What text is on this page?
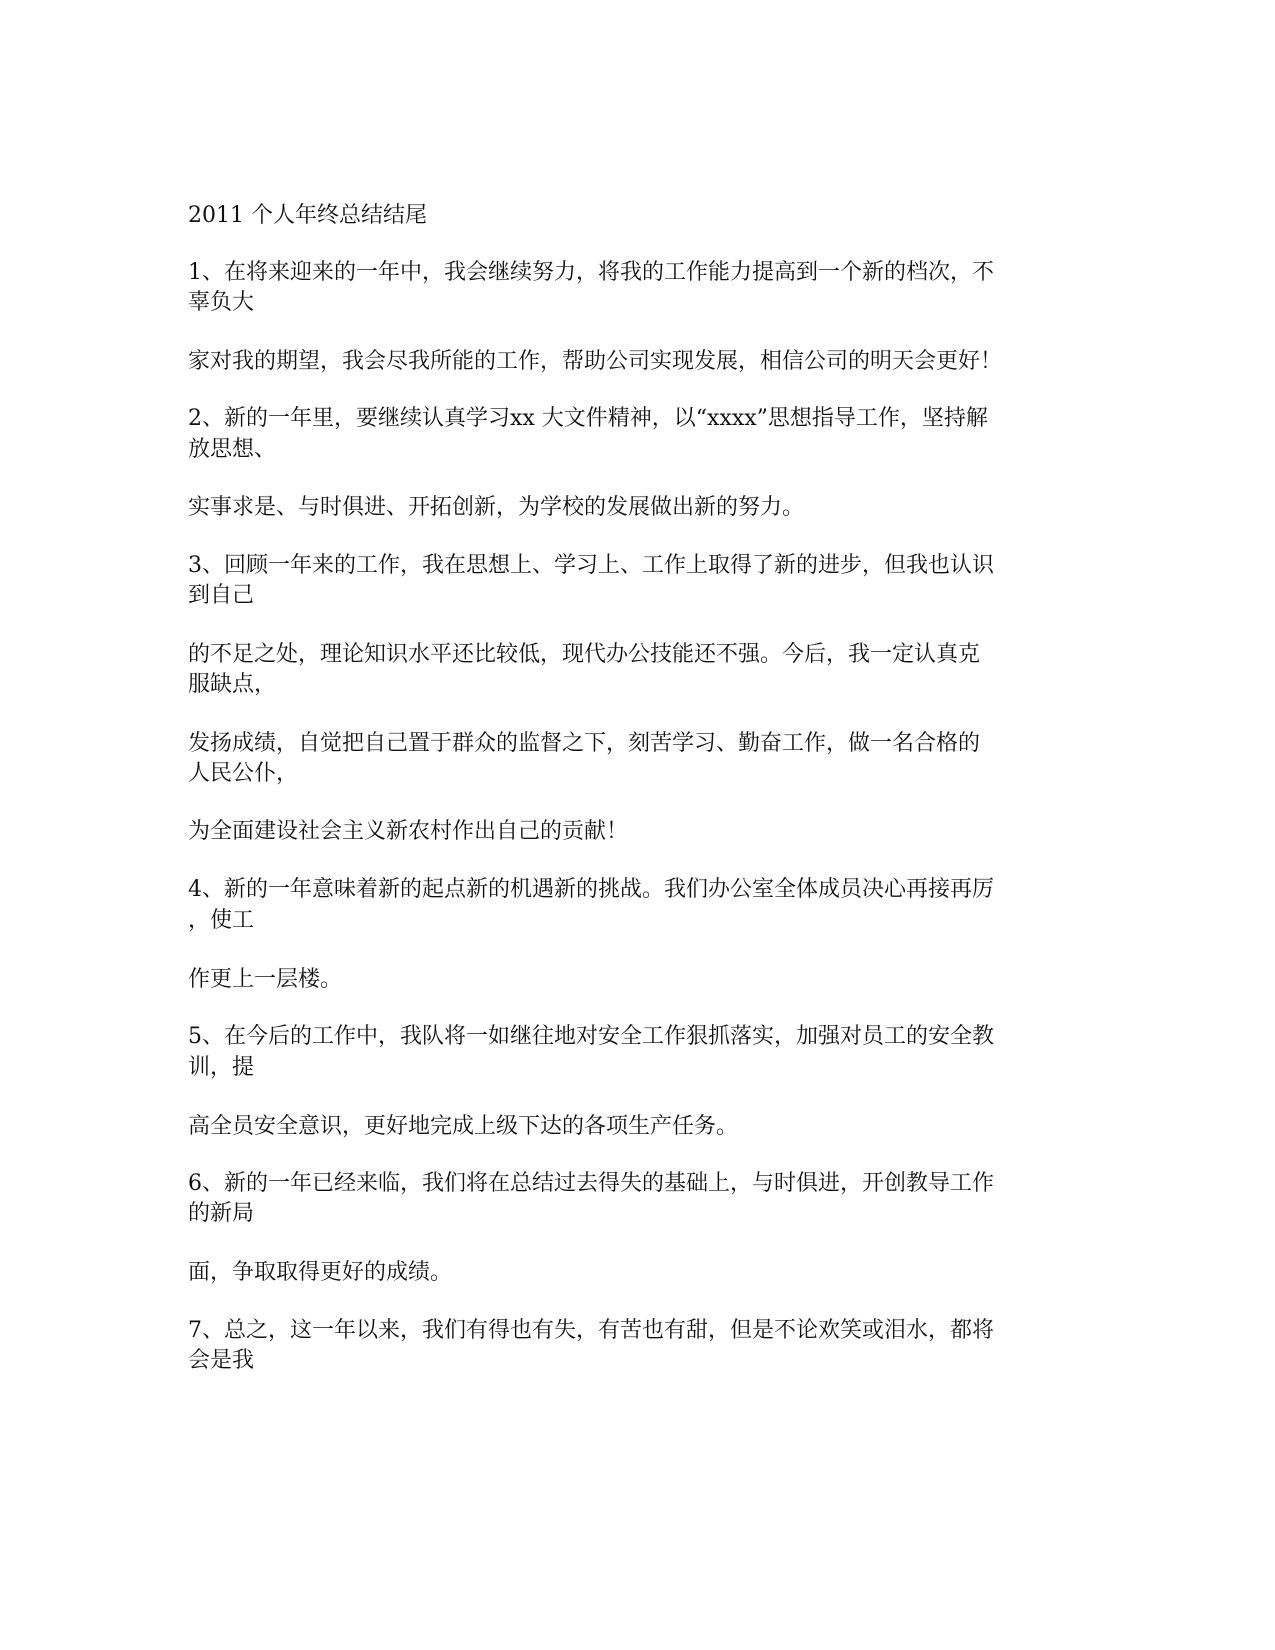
2011 个人年终总结结尾

1、在将来迎来的一年中，我会继续努力，将我的工作能力提高到一个新的档次，不

辜负大

家对我的期望，我会尽我所能的工作，帮助公司实现发展，相信公司的明天会更好！

2、新的一年里，要继续认真学习xx 大文件精神，以“xxxx”思想指导工作，坚持解

放思想、

实事求是、与时俱进、开拓创新，为学校的发展做出新的努力。

3、回顾一年来的工作，我在思想上、学习上、工作上取得了新的进步，但我也认识

到自己

的不足之处，理论知识水平还比较低，现代办公技能还不强。今后，我一定认真克

服缺点，

发扬成绩，自觉把自己置于群众的监督之下，刻苦学习、勤奋工作，做一名合格的

人民公仆，

为全面建设社会主义新农村作出自己的贡献！

4、新的一年意味着新的起点新的机遇新的挑战。我们办公室全体成员决心再接再厉

，使工

作更上一层楼。

5、在今后的工作中，我队将一如继往地对安全工作狠抓落实，加强对员工的安全教

训，提

高全员安全意识，更好地完成上级下达的各项生产任务。

6、新的一年已经来临，我们将在总结过去得失的基础上，与时俱进，开创教导工作

的新局

面，争取取得更好的成绩。

7、总之，这一年以来，我们有得也有失，有苦也有甜，但是不论欢笑或泪水，都将

会是我
